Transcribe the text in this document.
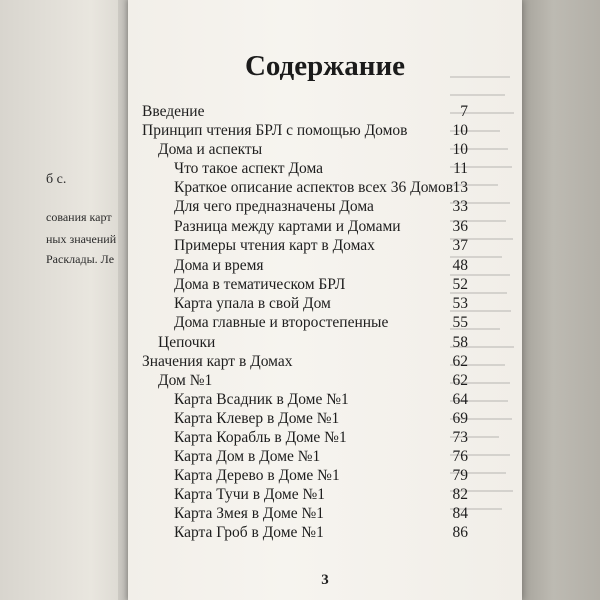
б с.
сования карт
ных значений
Расклады. Ле
Содержание
Введение	7
Принцип чтения БРЛ с помощью Домов	10
Дома и аспекты	10
Что такое аспект Дома	11
Краткое описание аспектов всех 36 Домов 13
Для чего предназначены Дома	33
Разница между картами и Домами	36
Примеры чтения карт в Домах	37
Дома и время	48
Дома в тематическом БРЛ	52
Карта упала в свой Дом	53
Дома главные и второстепенные	55
Цепочки	58
Значения карт в Домах	62
Дом №1	62
Карта Всадник в Доме №1	64
Карта Клевер в Доме №1	69
Карта Корабль в Доме №1	73
Карта Дом в Доме №1	76
Карта Дерево в Доме №1	79
Карта Тучи в Доме №1	82
Карта Змея в Доме №1	84
Карта Гроб в Доме №1	86
3
